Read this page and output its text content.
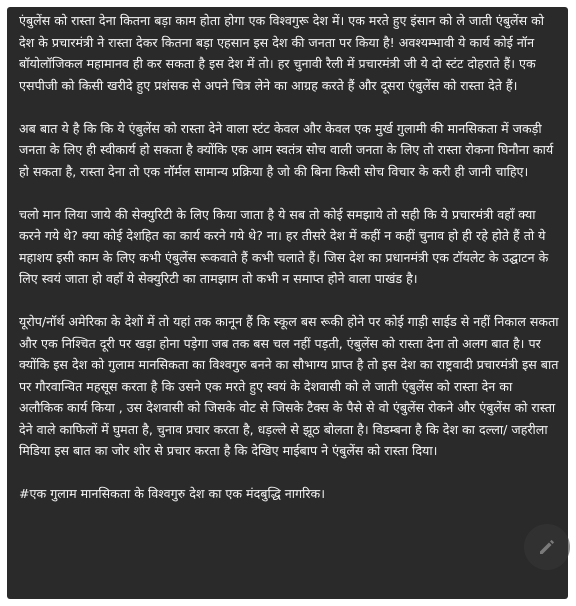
एंबुलेंस को रास्ता देना कितना बड़ा काम होता होगा एक विश्वगुरू देश में। एक मरते हुए इंसान को ले जाती एंबुलेंस को देश के प्रचारमंत्री ने रास्ता देकर कितना बड़ा एहसान इस देश की जनता पर किया है! अवश्यम्भावी ये कार्य कोई नॉन बॉयोलॉजिकल महामानव ही कर सकता है इस देश में तो। हर चुनावी रैली में प्रचारमंत्री जी ये दो स्टंट दोहराते हैं। एक एसपीजी को किसी खरीदे हुए प्रशंसक से अपने चित्र लेने का आग्रह करते हैं और दूसरा एंबुलेंस को रास्ता देते हैं।

अब बात ये है कि कि ये एंबुलेंस को रास्ता देने वाला स्टंट केवल और केवल एक मुर्ख गुलामी की मानसिकता में जकड़ी जनता के लिए ही स्वीकार्य हो सकता है क्योंकि एक आम स्वतंत्र सोच वाली जनता के लिए तो रास्ता रोकना घिनौना कार्य हो सकता है, रास्ता देना तो एक नॉर्मल सामान्य प्रक्रिया है जो की बिना किसी सोच विचार के करी ही जानी चाहिए।

चलो मान लिया जाये की सेक्युरिटी के लिए किया जाता है ये सब तो कोई समझाये तो सही कि ये प्रचारमंत्री वहाँ क्या करने गये थे? क्या कोई देशहित का कार्य करने गये थे? ना। हर तीसरे देश में कहीं न कहीं चुनाव हो ही रहे होते हैं तो ये महाशय इसी काम के लिए कभी एंबुलेंस रूकवाते हैं कभी चलाते हैं। जिस देश का प्रधानमंत्री एक टॉयलेट के उद्घाटन के लिए स्वयं जाता हो वहाँ ये सेक्युरिटी का तामझाम तो कभी न समाप्त होने वाला पाखंड है।

यूरोप/नॉर्थ अमेरिका के देशों में तो यहां तक कानून हैं कि स्कूल बस रूकी होने पर कोई गाड़ी साईड से नहीं निकाल सकता और एक निश्चित दूरी पर खड़ा होना पड़ेगा जब तक बस चल नहीं पड़ती, एंबुलेंस को रास्ता देना तो अलग बात है। पर क्योंकि इस देश को गुलाम मानसिकता का विश्वगुरु बनने का सौभाग्य प्राप्त है तो इस देश का राष्ट्रवादी प्रचारमंत्री इस बात पर गौरवान्वित महसूस करता है कि उसने एक मरते हुए स्वयं के देशवासी को ले जाती एंबुलेंस को रास्ता देन का अलौकिक कार्य किया , उस देशवासी को जिसके वोट से जिसके टैक्स के पैसे से वो एंबुलेंस रोकने और एंबुलेंस को रास्ता देने वाले काफिलों में घुमता है, चुनाव प्रचार करता है, धड़ल्ले से झूठ बोलता है। विडम्बना है कि देश का दल्ला/ जहरीला मिडिया इस बात का जोर शोर से प्रचार करता है कि देखिए माईबाप ने एंबुलेंस को रास्ता दिया।

#एक गुलाम मानसिकता के विश्वगुरु देश का एक मंदबुद्धि नागरिक।
